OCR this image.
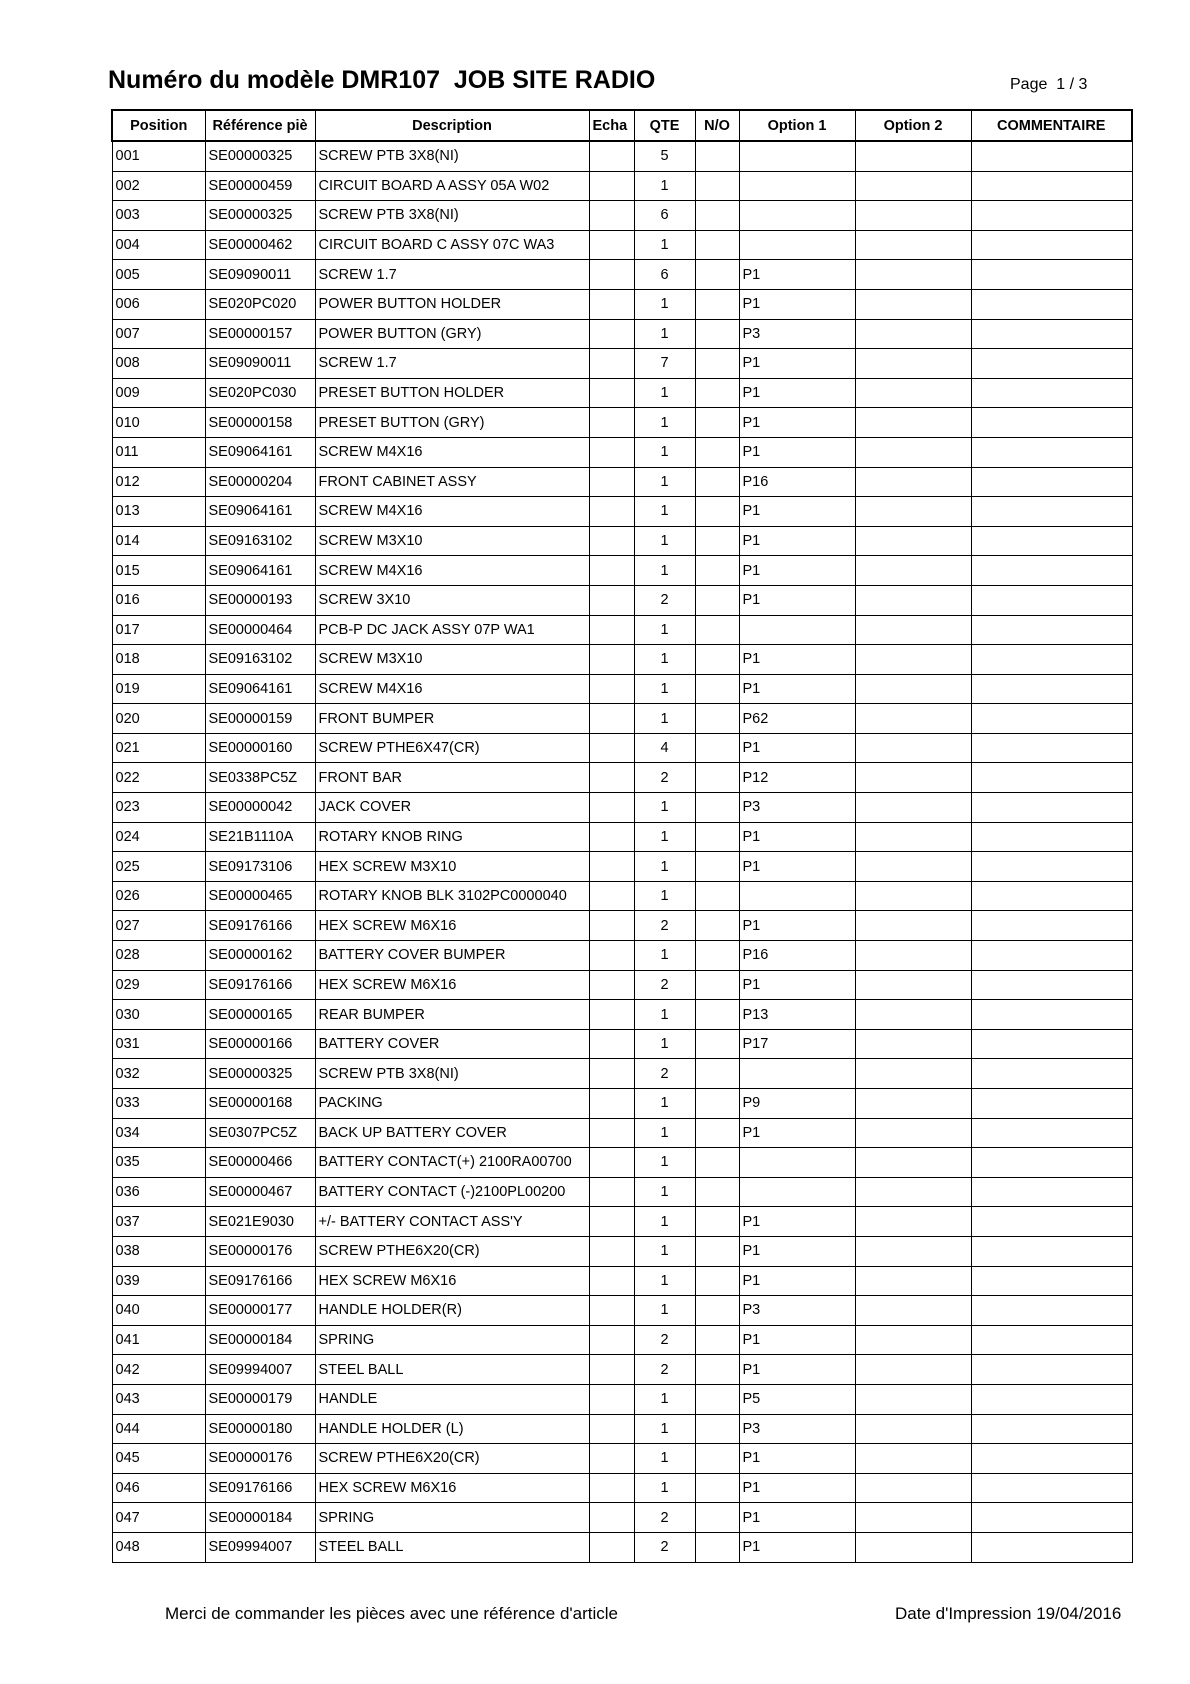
Numéro du modèle DMR107  JOB SITE RADIO	Page  1 / 3
Position	Référence piè	Description	Echa	QTE	N/O	Option 1	Option 2	COMMENTAIRE
001	SE00000325	SCREW PTB 3X8(NI)		5				
002	SE00000459	CIRCUIT BOARD A ASSY 05A W02		1				
003	SE00000325	SCREW PTB 3X8(NI)		6				
004	SE00000462	CIRCUIT BOARD C ASSY 07C WA3		1				
005	SE09090011	SCREW 1.7		6		P1		
006	SE020PC020	POWER BUTTON HOLDER		1		P1		
007	SE00000157	POWER BUTTON (GRY)		1		P3		
008	SE09090011	SCREW 1.7		7		P1		
009	SE020PC030	PRESET BUTTON HOLDER		1		P1		
010	SE00000158	PRESET BUTTON (GRY)		1		P1		
011	SE09064161	SCREW M4X16		1		P1		
012	SE00000204	FRONT CABINET ASSY		1		P16		
013	SE09064161	SCREW M4X16		1		P1		
014	SE09163102	SCREW M3X10		1		P1		
015	SE09064161	SCREW M4X16		1		P1		
016	SE00000193	SCREW 3X10		2		P1		
017	SE00000464	PCB-P DC JACK ASSY 07P WA1		1				
018	SE09163102	SCREW M3X10		1		P1		
019	SE09064161	SCREW M4X16		1		P1		
020	SE00000159	FRONT BUMPER		1		P62		
021	SE00000160	SCREW PTHE6X47(CR)		4		P1		
022	SE0338PC5Z	FRONT BAR		2		P12		
023	SE00000042	JACK COVER		1		P3		
024	SE21B1110A	ROTARY KNOB RING		1		P1		
025	SE09173106	HEX SCREW M3X10		1		P1		
026	SE00000465	ROTARY KNOB BLK 3102PC0000040		1				
027	SE09176166	HEX SCREW M6X16		2		P1		
028	SE00000162	BATTERY COVER BUMPER		1		P16		
029	SE09176166	HEX SCREW M6X16		2		P1		
030	SE00000165	REAR BUMPER		1		P13		
031	SE00000166	BATTERY COVER		1		P17		
032	SE00000325	SCREW PTB 3X8(NI)		2				
033	SE00000168	PACKING		1		P9		
034	SE0307PC5Z	BACK UP BATTERY COVER		1		P1		
035	SE00000466	BATTERY CONTACT(+) 2100RA00700		1				
036	SE00000467	BATTERY CONTACT (-)2100PL00200		1				
037	SE021E9030	+/- BATTERY CONTACT ASS'Y		1		P1		
038	SE00000176	SCREW PTHE6X20(CR)		1		P1		
039	SE09176166	HEX SCREW M6X16		1		P1		
040	SE00000177	HANDLE HOLDER(R)		1		P3		
041	SE00000184	SPRING		2		P1		
042	SE09994007	STEEL BALL		2		P1		
043	SE00000179	HANDLE		1		P5		
044	SE00000180	HANDLE HOLDER (L)		1		P3		
045	SE00000176	SCREW PTHE6X20(CR)		1		P1		
046	SE09176166	HEX SCREW M6X16		1		P1		
047	SE00000184	SPRING		2		P1		
048	SE09994007	STEEL BALL		2		P1		
Merci de commander les pièces avec une référence d'article	Date d'Impression 19/04/2016
